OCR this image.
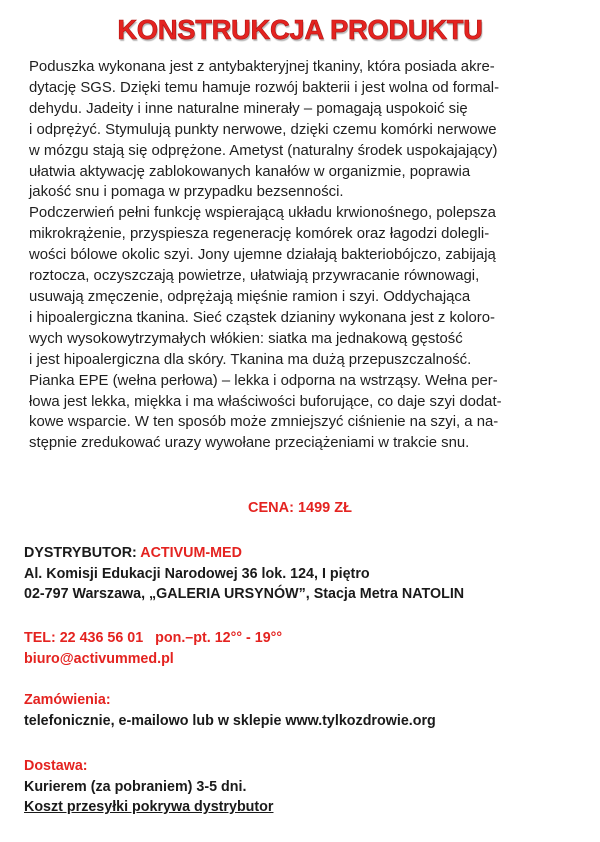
KONSTRUKCJA PRODUKTU
Poduszka wykonana jest z antybakteryjnej tkaniny, która posiada akre-
dytację SGS. Dzięki temu hamuje rozwój bakterii i jest wolna od formal-
dehydu. Jadeity i inne naturalne minerały – pomagają uspokoić się
i odprężyć. Stymulują punkty nerwowe, dzięki czemu komórki nerwowe
w mózgu stają się odprężone. Ametyst (naturalny środek uspokajający)
ułatwia aktywację zablokowanych kanałów w organizmie, poprawia
jakość snu i pomaga w przypadku bezsenności.
Podczerwień pełni funkcję wspierającą układu krwionośnego, polepsza
mikrokrążenie, przyspiesza regenerację komórek oraz łagodzi dolegli-
wości bólowe okolic szyi. Jony ujemne działają bakteriobójczo, zabijają
roztocza, oczyszczają powietrze, ułatwiają przywracanie równowagi,
usuwają zmęczenie, odprężają mięśnie ramion i szyi. Oddychająca
i hipoalergiczna tkanina. Sieć cząstek dzianiny wykonana jest z koloro-
wych wysokowytrzymałych włókien: siatka ma jednakową gęstość
i jest hipoalergiczna dla skóry. Tkanina ma dużą przepuszczalność.
Pianka EPE (wełna perłowa) – lekka i odporna na wstrząsy. Wełna per-
łowa jest lekka, miękka i ma właściwości buforujące, co daje szyi dodat-
kowe wsparcie. W ten sposób może zmniejszyć ciśnienie na szyi, a na-
stępnie zredukować urazy wywołane przeciążeniami w trakcie snu.
CENA: 1499 ZŁ
DYSTRYBUTOR: ACTIVUM-MED
Al. Komisji Edukacji Narodowej 36 lok. 124, I piętro
02-797 Warszawa, „GALERIA URSYNÓW”, Stacja Metra NATOLIN
TEL: 22 436 56 01 pon.–pt. 12°° - 19°°
biuro@activummed.pl
Zamówienia:
telefonicznie, e-mailowo lub w sklepie www.tylkozdrowie.org
Dostawa:
Kurierem (za pobraniem) 3-5 dni.
Koszt przesyłki pokrywa dystrybutor
